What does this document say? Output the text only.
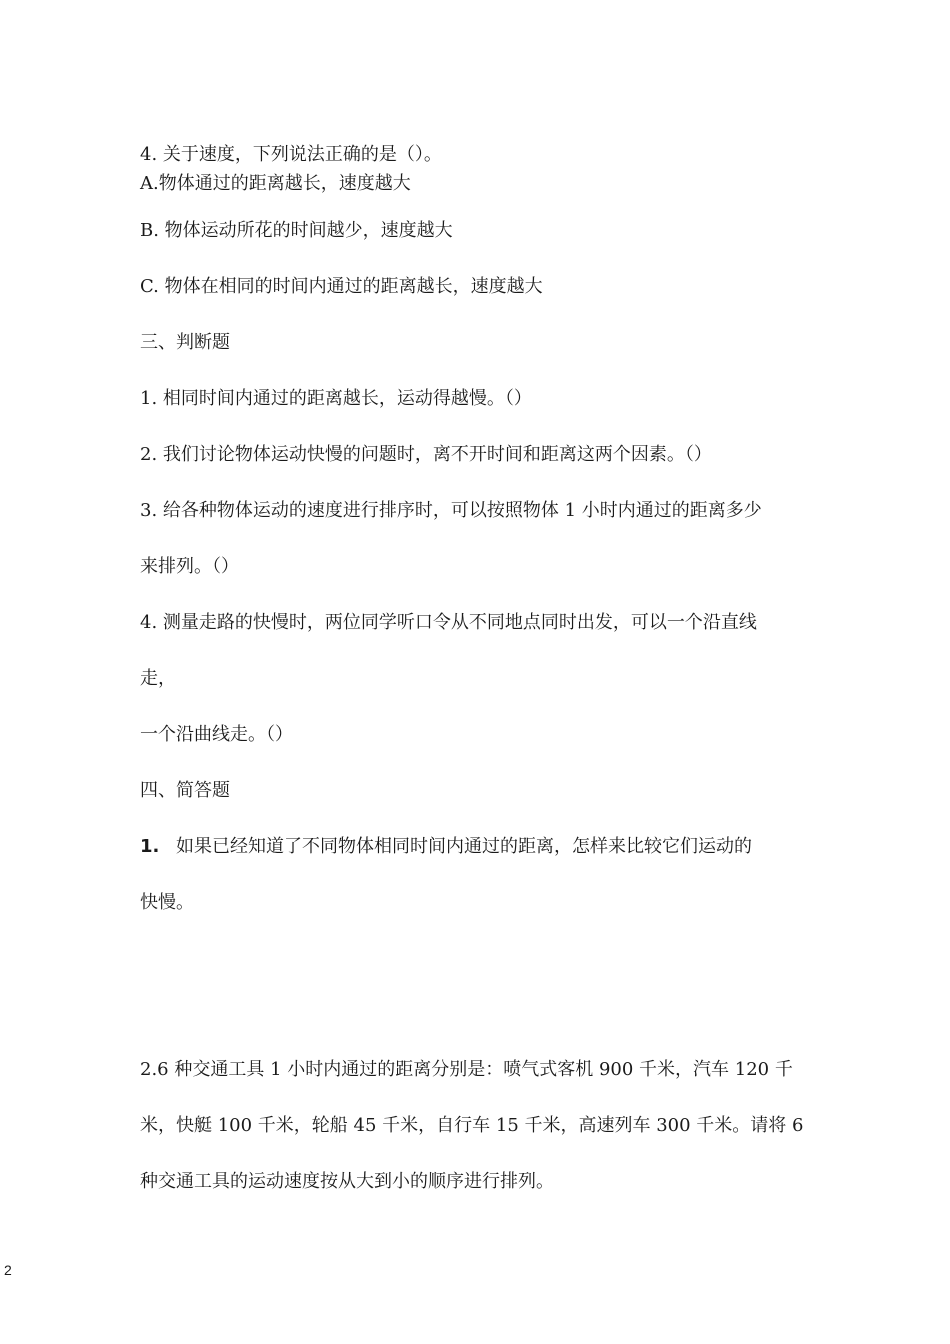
4. 关于速度，下列说法正确的是（）。
A.物体通过的距离越长，速度越大
B. 物体运动所花的时间越少，速度越大
C. 物体在相同的时间内通过的距离越长，速度越大
三、判断题
1. 相同时间内通过的距离越长，运动得越慢。（）
2. 我们讨论物体运动快慢的问题时，离不开时间和距离这两个因素。（）
3. 给各种物体运动的速度进行排序时，可以按照物体 1 小时内通过的距离多少
来排列。（）
4. 测量走路的快慢时，两位同学听口令从不同地点同时出发，可以一个沿直线
走，
一个沿曲线走。（）
四、简答题
1. 如果已经知道了不同物体相同时间内通过的距离，怎样来比较它们运动的
快慢。
2.6 种交通工具 1 小时内通过的距离分别是：喷气式客机 900 千米，汽车 120 千
米，快艇 100 千米，轮船 45 千米，自行车 15 千米，高速列车 300 千米。请将 6
种交通工具的运动速度按从大到小的顺序进行排列。
2
